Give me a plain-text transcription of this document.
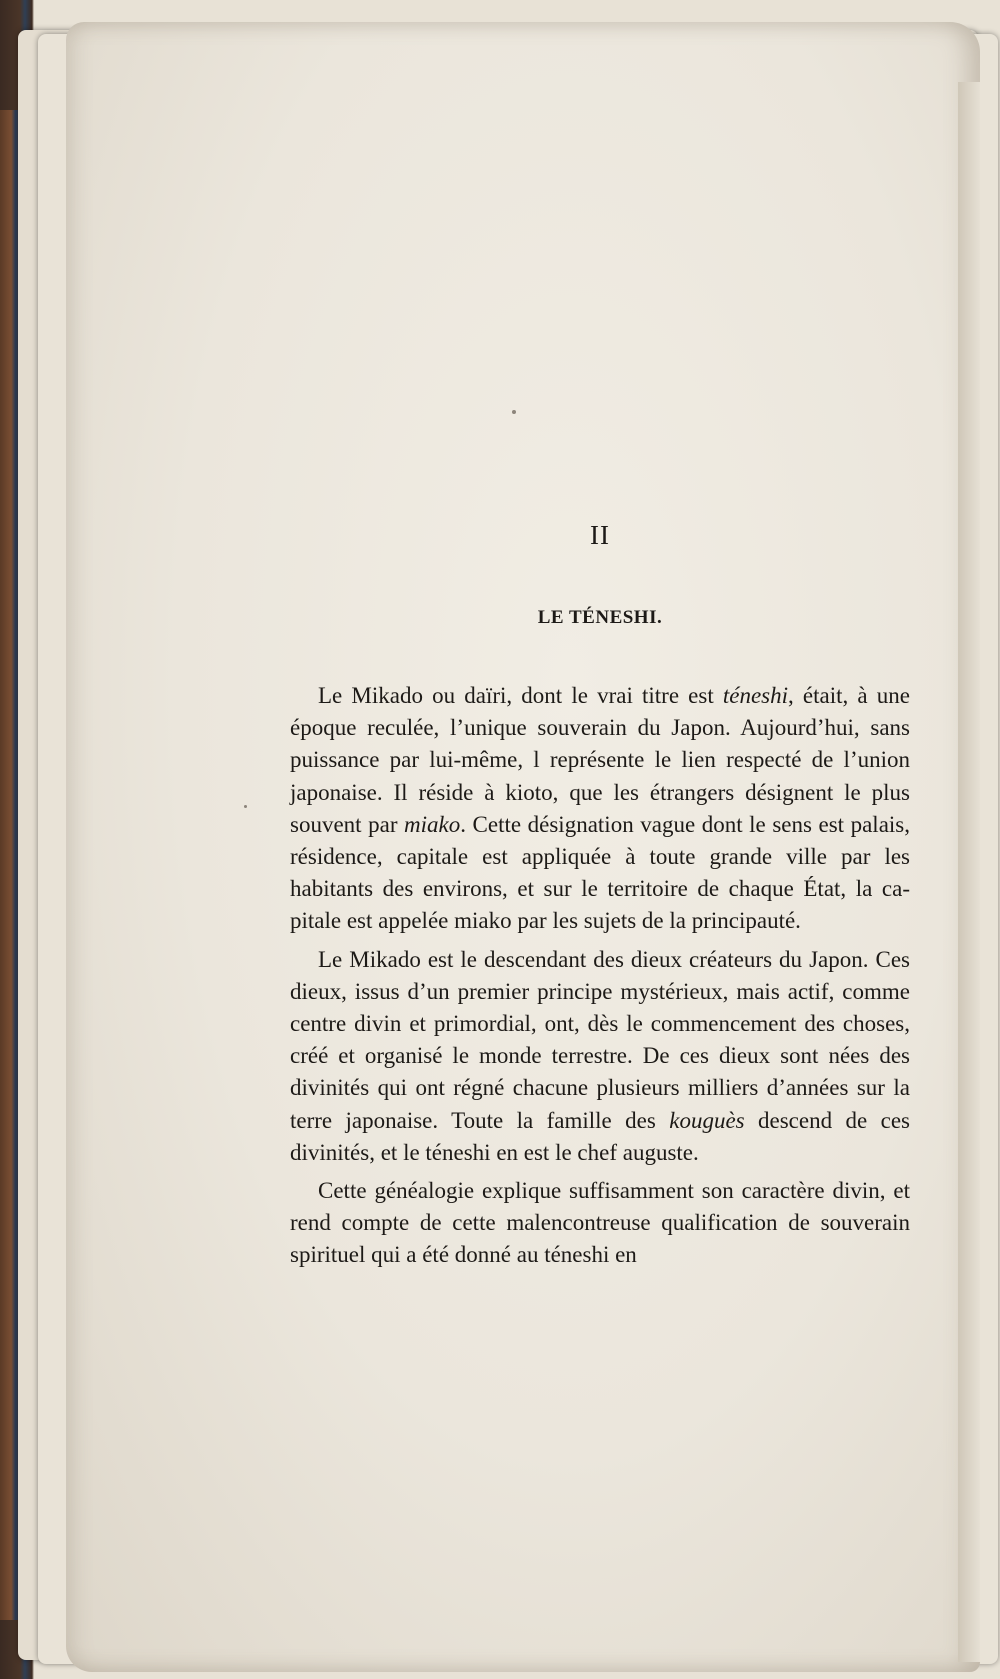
II
LE TÉNESHI.

Le Mikado ou daïri, dont le vrai titre est téneshi, était, à une époque reculée, l’unique souverain du Japon. Aujourd’hui, sans puissance par lui-même, l représente le lien respecté de l’union japonaise. Il réside à kioto, que les étrangers désignent le plus souvent par miako. Cette désignation vague dont le sens est palais, résidence, capitale est appliquée à toute grande ville par les habitants des environs, et sur le territoire de chaque État, la capitale est appelée miako par les sujets de la principauté.

Le Mikado est le descendant des dieux créateurs du Japon. Ces dieux, issus d’un premier principe mystérieux, mais actif, comme centre divin et primordial, ont, dès le commencement des choses, créé et organisé le monde terrestre. De ces dieux sont nées des divinités qui ont régné chacune plusieurs milliers d’années sur la terre japonaise. Toute la famille des kouguès descend de ces divinités, et le téneshi en est le chef auguste.

Cette généalogie explique suffisamment son caractère divin, et rend compte de cette malencontreuse qualification de souverain spirituel qui a été donné au téneshi en
